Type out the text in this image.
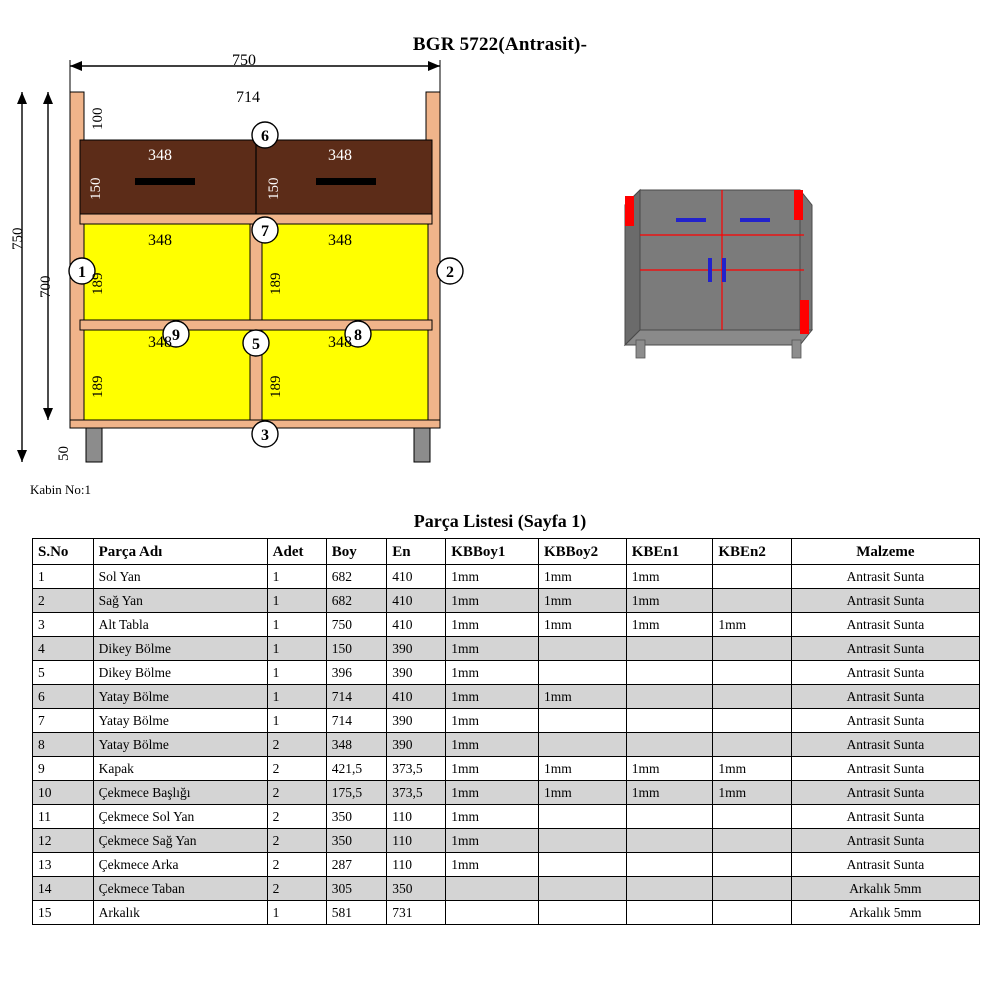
BGR 5722(Antrasit)-
1	2
3
5
6
7
8
9
750
714
750
700
100
50
150	150
348	348
348	348
348	348
189	189
189	189
Kabin No:1
Parça Listesi (Sayfa 1)
S.No	Parça Adı	Adet	Boy	En	KBBoy1	KBBoy2	KBEn1	KBEn2	Malzeme
1	Sol Yan	1	682	410	1mm	1mm	1mm		Antrasit Sunta
2	Sağ Yan	1	682	410	1mm	1mm	1mm		Antrasit Sunta
3	Alt Tabla	1	750	410	1mm	1mm	1mm	1mm	Antrasit Sunta
4	Dikey Bölme	1	150	390	1mm				Antrasit Sunta
5	Dikey Bölme	1	396	390	1mm				Antrasit Sunta
6	Yatay Bölme	1	714	410	1mm	1mm			Antrasit Sunta
7	Yatay Bölme	1	714	390	1mm				Antrasit Sunta
8	Yatay Bölme	2	348	390	1mm				Antrasit Sunta
9	Kapak	2	421,5	373,5	1mm	1mm	1mm	1mm	Antrasit Sunta
10	Çekmece Başlığı	2	175,5	373,5	1mm	1mm	1mm	1mm	Antrasit Sunta
11	Çekmece Sol Yan	2	350	110	1mm				Antrasit Sunta
12	Çekmece Sağ Yan	2	350	110	1mm				Antrasit Sunta
13	Çekmece Arka	2	287	110	1mm				Antrasit Sunta
14	Çekmece Taban	2	305	350					Arkalık 5mm
15	Arkalık	1	581	731					Arkalık 5mm
